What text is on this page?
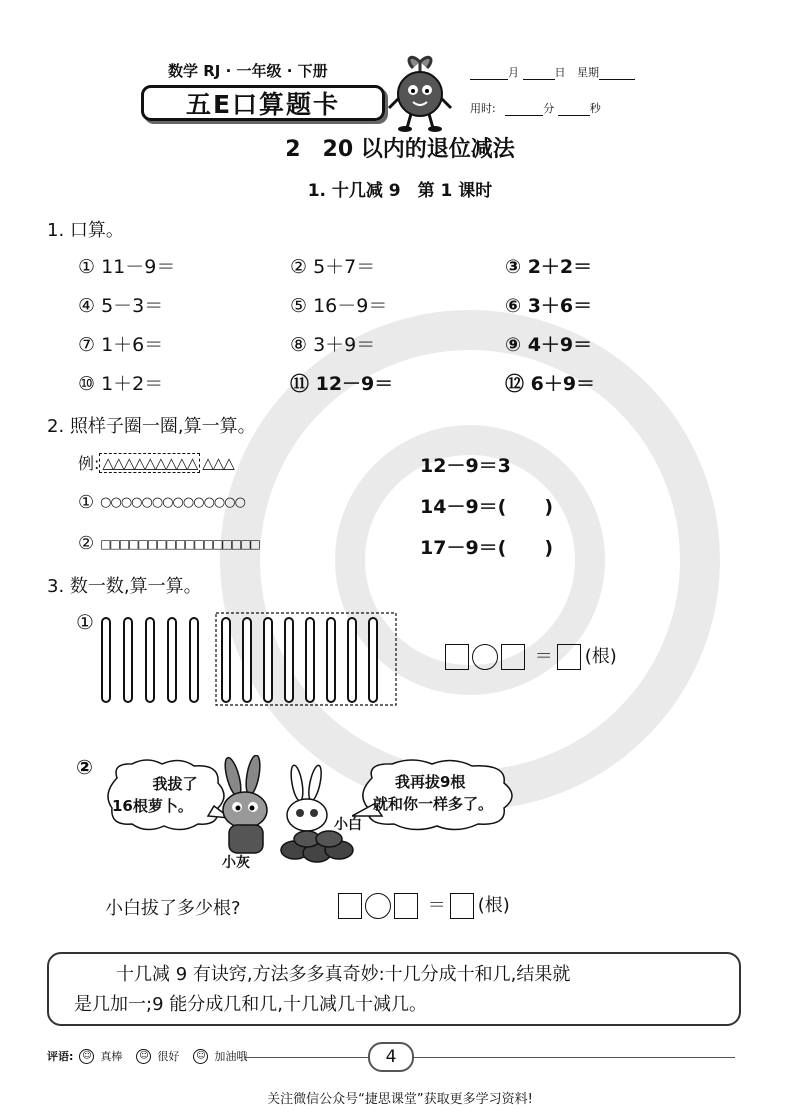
数学 RJ · 一年级 · 下册
五E口算题卡
月	日 星期
用时:	分	秒
2　20 以内的退位减法
1. 十几减 9　第 1 课时
1. 口算。
① 11－9＝	② 5＋7＝	③ 2＋2＝
④ 5－3＝	⑤ 16－9＝	⑥ 3＋6＝
⑦ 1＋6＝	⑧ 3＋9＝	⑨ 4＋9＝
⑩ 1＋2＝	⑪ 12－9＝	⑫ 6＋9＝
2. 照样子圈一圈,算一算。
例: △△△△△△△△△ △△△	12－9＝3
① ○○○○○○○○○○○○○○	14－9＝(　　)
② □□□□□□□□□□□□□□□□□	17－9＝(　　)
3. 数一数,算一算。
①
＝ (根)
②
我拔了
16根萝卜。
我再拔9根
就和你一样多了。
小白
小灰
小白拔了多少根?	＝ (根)
十几减 9 有诀窍,方法多多真奇妙:十几分成十和几,结果就
是几加一;9 能分成几和几,十几减几十减几。
评语: ☺ 真棒	☺ 很好	☺ 加油哦	4
关注微信公众号“捷思课堂”获取更多学习资料!
